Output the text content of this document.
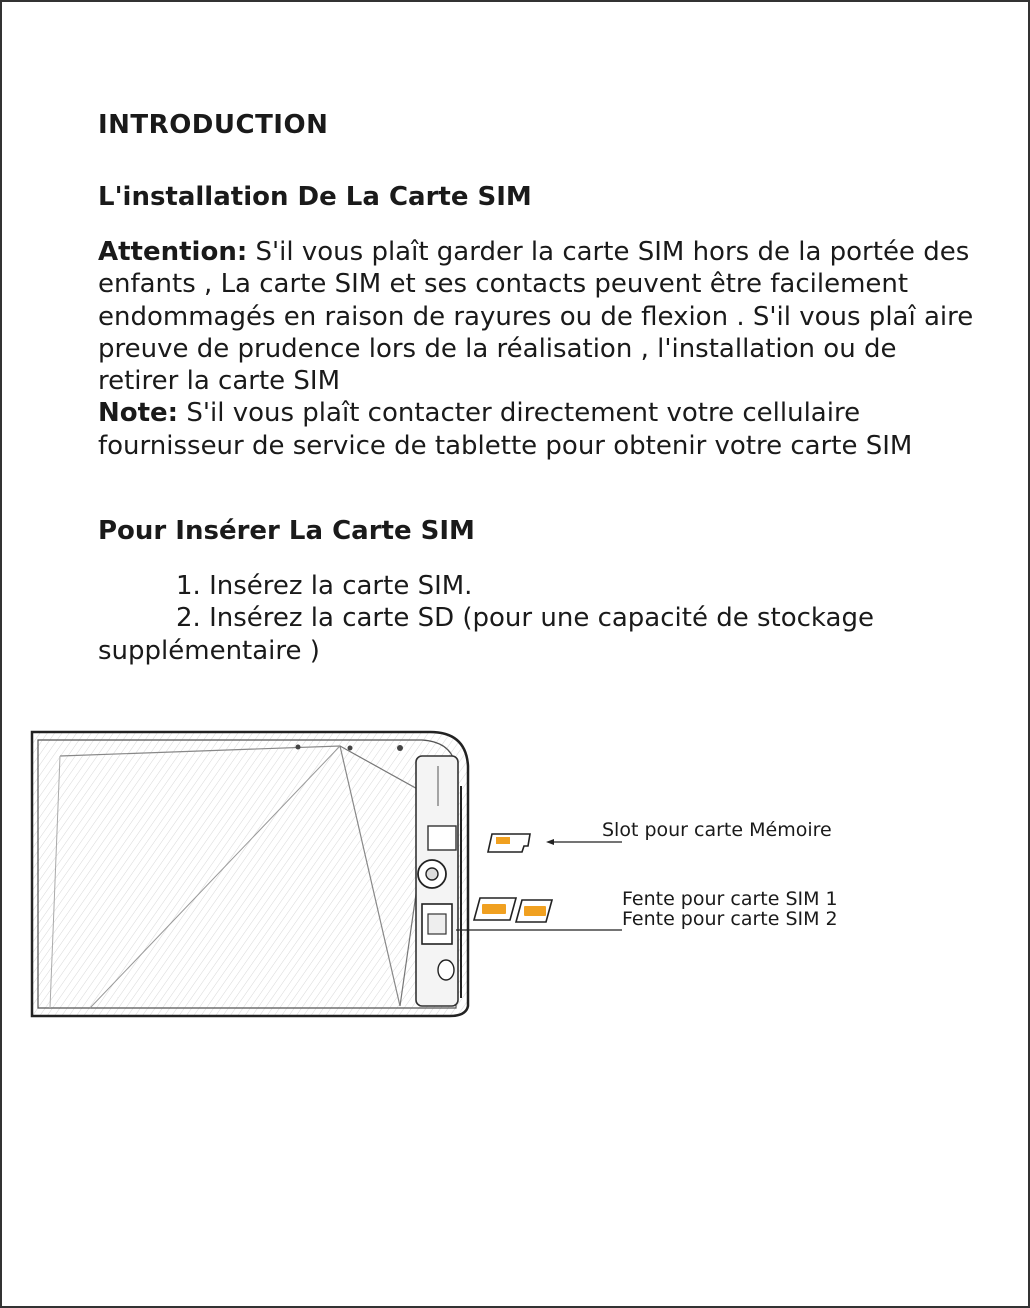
INTRODUCTION
L'installation De La Carte SIM

Attention: S'il vous plaît garder la carte SIM hors de la portée des enfants , La carte SIM et ses contacts peuvent être facilement endommagés en raison de rayures ou de flexion . S'il vous plaî aire preuve de prudence lors de la réalisation , l'installation ou de retirer la carte SIM

Note: S'il vous plaît contacter directement votre cellulaire fournisseur de service de tablette pour obtenir votre carte SIM

Pour Insérer La Carte SIM
1. Insérez la carte SIM.
2. Insérez la carte SD (pour une capacité de stockage supplémentaire )
Slot pour carte Mémoire
Fente pour carte SIM 1
Fente pour carte SIM 2
